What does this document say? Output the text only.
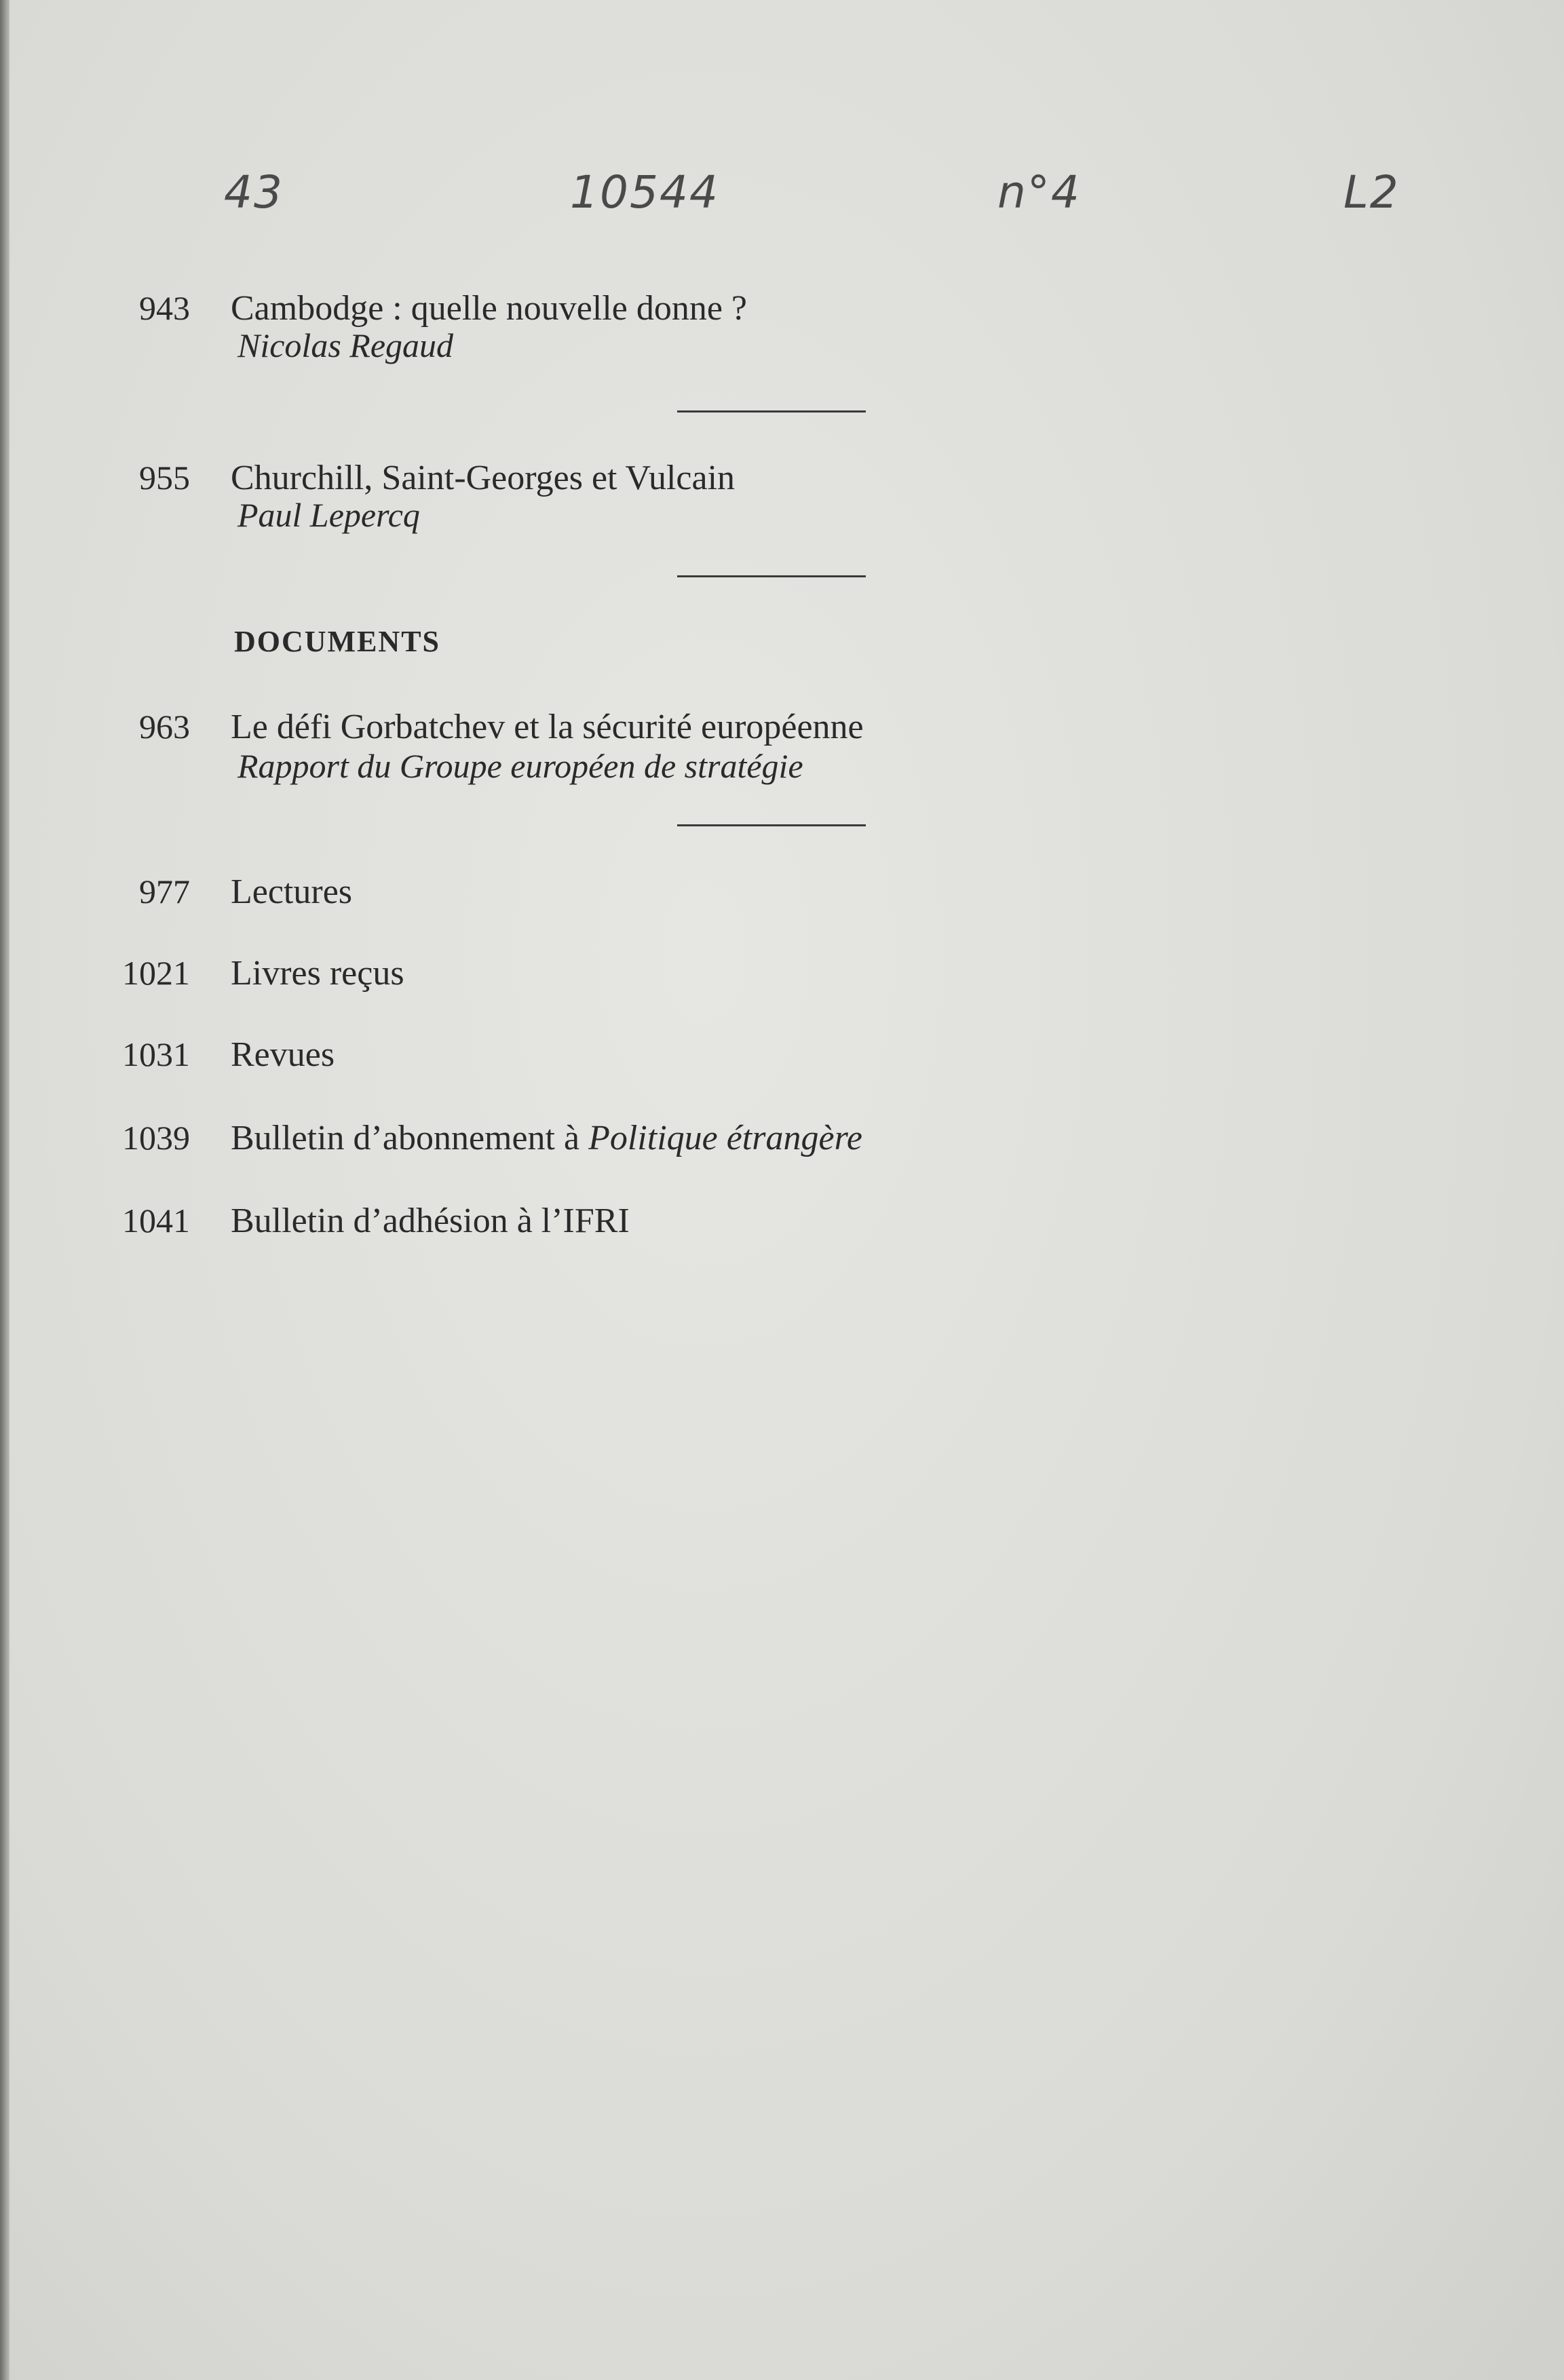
43	10544	n°4	L2
943 Cambodge : quelle nouvelle donne ?
Nicolas Regaud
955 Churchill, Saint-Georges et Vulcain
Paul Lepercq
DOCUMENTS
963 Le défi Gorbatchev et la sécurité européenne
Rapport du Groupe européen de stratégie
977 Lectures
1021 Livres reçus
1031 Revues
1039 Bulletin d’abonnement à Politique étrangère
1041 Bulletin d’adhésion à l’IFRI
